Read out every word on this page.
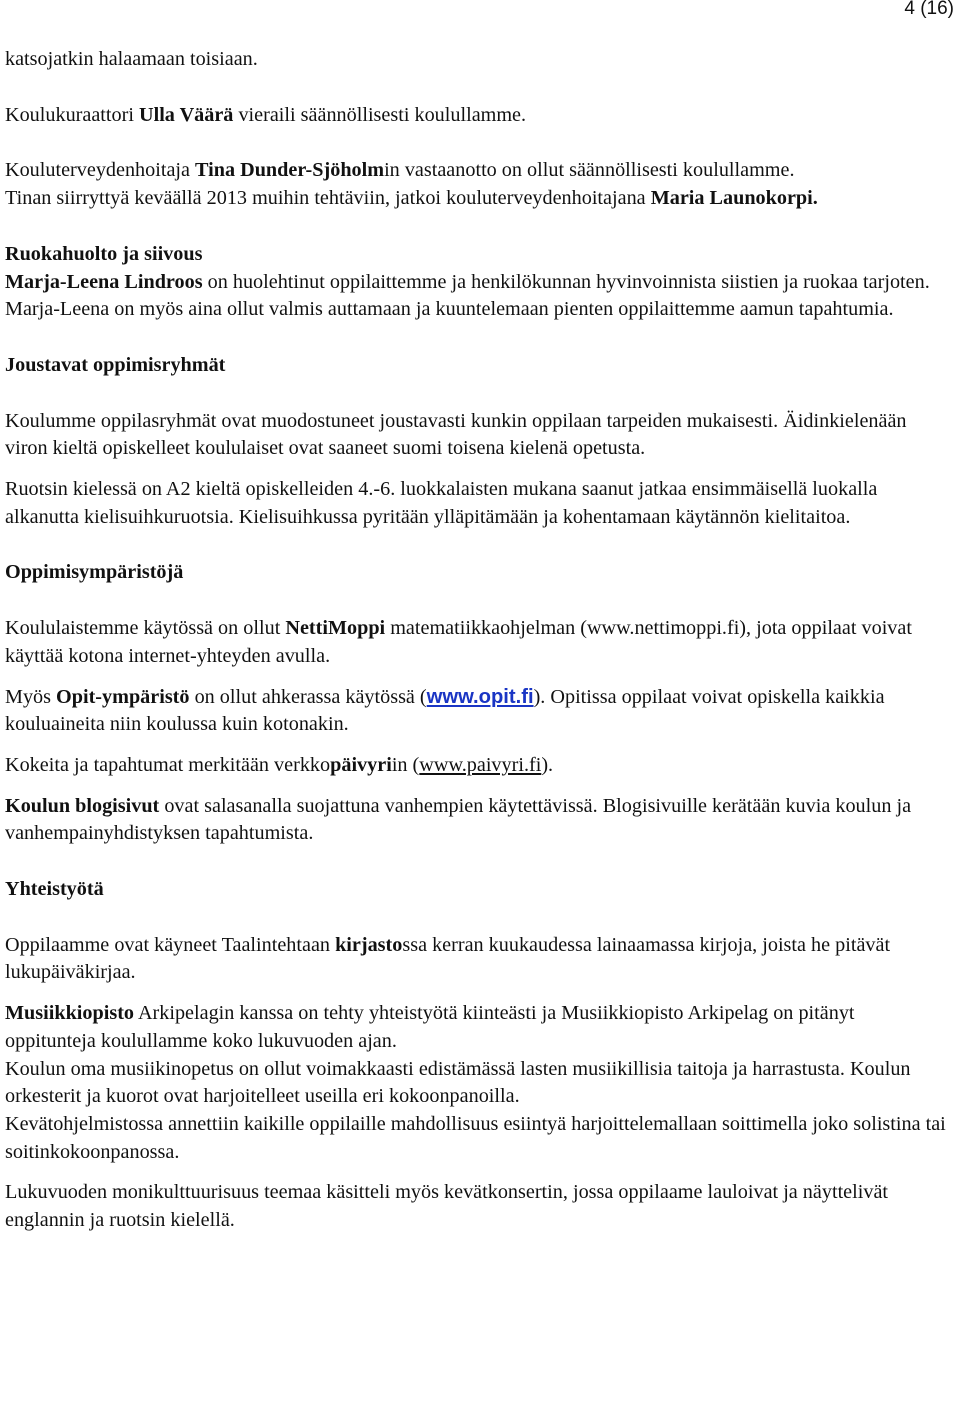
4 (16)

katsojatkin halaamaan toisiaan.

Koulukuraattori Ulla Väärä vieraili säännöllisesti koulullamme.

Kouluterveydenhoitaja Tina Dunder-Sjöholmin vastaanotto on ollut säännöllisesti koulullamme.
Tinan siirryttyä keväällä 2013 muihin tehtäviin, jatkoi kouluterveydenhoitajana Maria Launokorpi.

Ruokahuolto ja siivous

Marja-Leena Lindroos on huolehtinut oppilaittemme ja henkilökunnan hyvinvoinnista siistien ja ruokaa tarjoten. Marja-Leena on myös aina ollut valmis auttamaan ja kuuntelemaan pienten oppilaittemme aamun tapahtumia.

Joustavat oppimisryhmät

Koulumme oppilasryhmät ovat muodostuneet joustavasti kunkin oppilaan tarpeiden mukaisesti. Äidinkielenään viron kieltä opiskelleet koululaiset ovat saaneet suomi toisena kielenä opetusta.

Ruotsin kielessä on A2 kieltä opiskelleiden 4.-6. luokkalaisten mukana saanut jatkaa ensimmäisellä luokalla alkanutta kielisuihkuruotsia. Kielisuihkussa pyritään ylläpitämään ja kohentamaan käytännön kielitaitoa.

Oppimisympäristöjä

Koululaistemme käytössä on ollut NettiMoppi matematiikkaohjelman (www.nettimoppi.fi), jota oppilaat voivat käyttää kotona internet-yhteyden avulla.

Myös Opit-ympäristö on ollut ahkerassa käytössä (www.opit.fi). Opitissa oppilaat voivat opiskella kaikkia kouluaineita niin koulussa kuin kotonakin.

Kokeita ja tapahtumat merkitään verkkopäivyriin (www.paivyri.fi).

Koulun blogisivut ovat salasanalla suojattuna vanhempien käytettävissä. Blogisivuille kerätään kuvia koulun ja vanhempainyhdistyksen tapahtumista.

Yhteistyötä

Oppilaamme ovat käyneet Taalintehtaan kirjastossa kerran kuukaudessa lainaamassa kirjoja, joista he pitävät lukupäiväkirjaa.

Musiikkiopisto Arkipelagin kanssa on tehty yhteistyötä kiinteästi ja Musiikkiopisto Arkipelag on pitänyt oppitunteja koulullamme koko lukuvuoden ajan.
Koulun oma musiikinopetus on ollut voimakkaasti edistämässä lasten musiikillisia taitoja ja harrastusta. Koulun orkesterit ja kuorot ovat harjoitelleet useilla eri kokoonpanoilla.
Kevätohjelmistossa annettiin kaikille oppilaille mahdollisuus esiintyä harjoittelemallaan soittimella joko solistina tai soitinkokoonpanossa.

Lukuvuoden monikulttuurisuus teemaa käsitteli myös kevätkonsertin, jossa oppilaame lauloivat ja näyttelivät englannin ja ruotsin kielellä.
